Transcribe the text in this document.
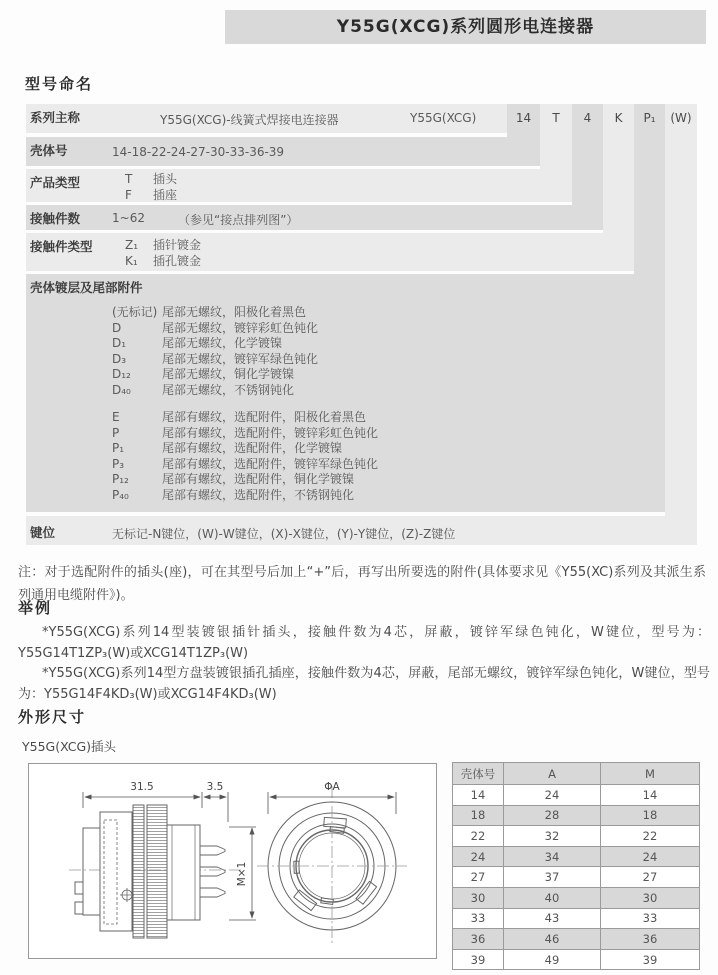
Y55G(XCG)系列圆形电连接器
型号命名
14	T	4	K	P₁	(W)
系列主称	Y55G(XCG)-线簧式焊接电连接器	Y55G(XCG)
壳体号	14-18-22-24-27-30-33-36-39
产品类型	T 插头
F 插座
接触件数	1~62	（参见“接点排列图”）
接触件类型	Z₁ 插针镀金
K₁ 插孔镀金
壳体镀层及尾部附件
(无标记) 尾部无螺纹，阳极化着黑色
D	尾部无螺纹，镀锌彩虹色钝化
D₁	尾部无螺纹，化学镀镍
D₃	尾部无螺纹，镀锌军绿色钝化
D₁₂	尾部无螺纹，铜化学镀镍
D₄₀	尾部无螺纹，不锈钢钝化
E	尾部有螺纹，选配附件，阳极化着黑色
P	尾部有螺纹，选配附件，镀锌彩虹色钝化
P₁	尾部有螺纹，选配附件，化学镀镍
P₃	尾部有螺纹，选配附件，镀锌军绿色钝化
P₁₂	尾部有螺纹，选配附件，铜化学镀镍
P₄₀	尾部有螺纹，选配附件，不锈钢钝化
键位	无标记-N键位，(W)-W键位，(X)-X键位，(Y)-Y键位，(Z)-Z键位

注：对于选配附件的插头(座)，可在其型号后加上“+”后，再写出所要选的附件(具体要求见《Y55(XC)系列及其派生系列通用电缆附件》)。

举例

*Y55G(XCG)系列14型装镀银插针插头，接触件数为4芯，屏蔽，镀锌军绿色钝化，W键位，型号为：Y55G14T1ZP₃(W)或XCG14T1ZP₃(W)

*Y55G(XCG)系列14型方盘装镀银插孔插座，接触件数为4芯，屏蔽，尾部无螺纹，镀锌军绿色钝化，W键位，型号为：Y55G14F4KD₃(W)或XCG14F4KD₃(W)

外形尺寸
Y55G(XCG)插头
31.5	3.5
M×1
ΦA
壳体号	A	M
14	24	14
18	28	18
22	32	22
24	34	24
27	37	27
30	40	30
33	43	33
36	46	36
39	49	39
